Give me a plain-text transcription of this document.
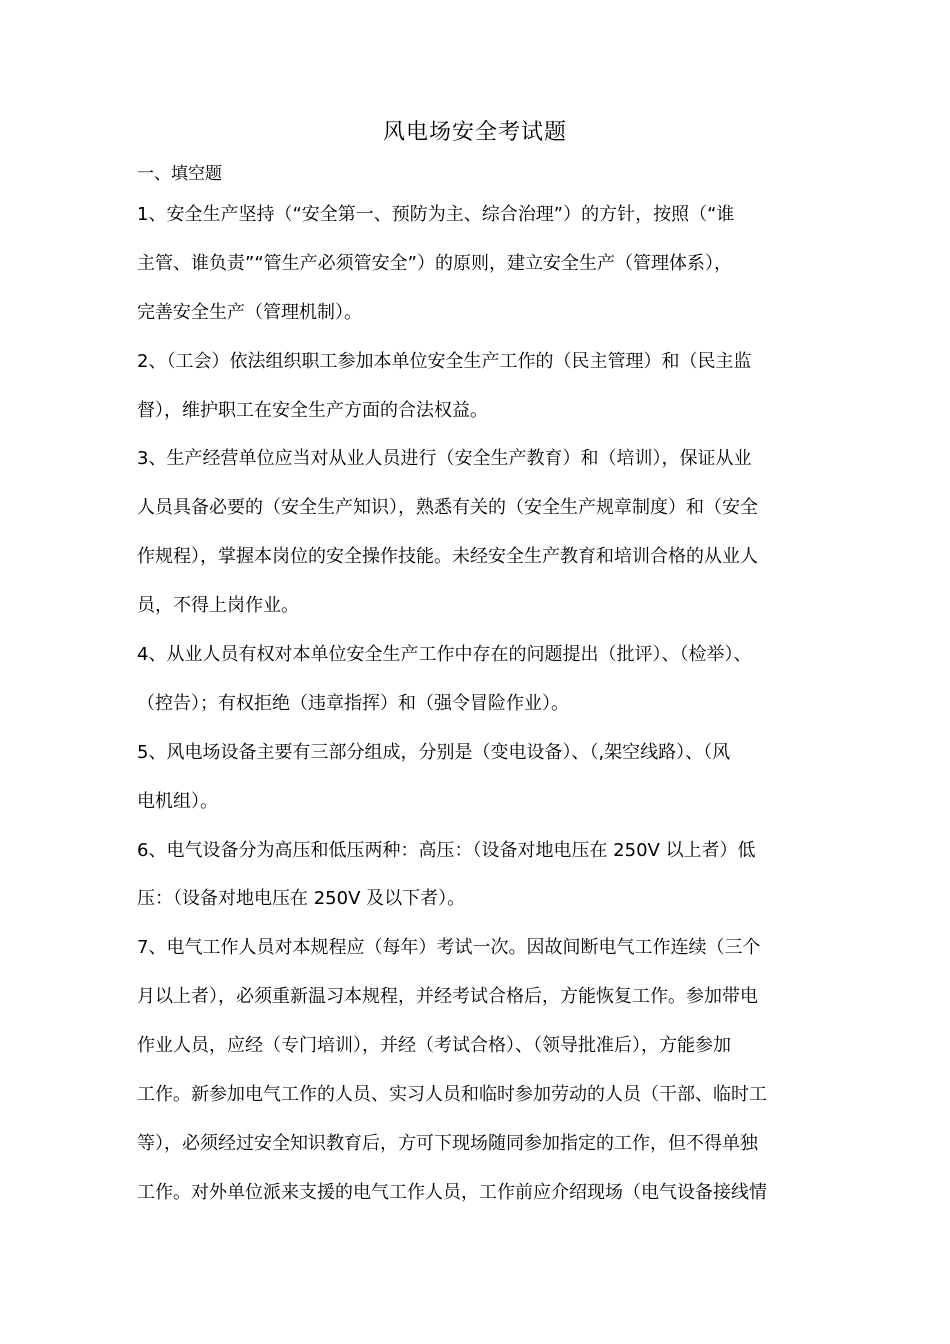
风电场安全考试题
一、填空题
1、安全生产坚持（“安全第一、预防为主、综合治理”）的方针，按照（“谁
主管、谁负责”“管生产必须管安全”）的原则，建立安全生产（管理体系），
完善安全生产（管理机制）。
2、（工会）依法组织职工参加本单位安全生产工作的（民主管理）和（民主监
督），维护职工在安全生产方面的合法权益。
3、生产经营单位应当对从业人员进行（安全生产教育）和（培训），保证从业
人员具备必要的（安全生产知识），熟悉有关的（安全生产规章制度）和（安全
作规程），掌握本岗位的安全操作技能。未经安全生产教育和培训合格的从业人
员，不得上岗作业。
4、从业人员有权对本单位安全生产工作中存在的问题提出（批评）、（检举）、
（控告）；有权拒绝（违章指挥）和（强令冒险作业）。
5、风电场设备主要有三部分组成，分别是（变电设备）、（,架空线路）、（风
电机组）。
6、电气设备分为高压和低压两种：高压：（设备对地电压在 250V 以上者）低
压：（设备对地电压在 250V 及以下者）。
7、电气工作人员对本规程应（每年）考试一次。因故间断电气工作连续（三个
月以上者），必须重新温习本规程，并经考试合格后，方能恢复工作。参加带电
作业人员，应经（专门培训），并经（考试合格）、（领导批准后），方能参加
工作。新参加电气工作的人员、实习人员和临时参加劳动的人员（干部、临时工
等），必须经过安全知识教育后，方可下现场随同参加指定的工作，但不得单独
工作。对外单位派来支援的电气工作人员，工作前应介绍现场（电气设备接线情
